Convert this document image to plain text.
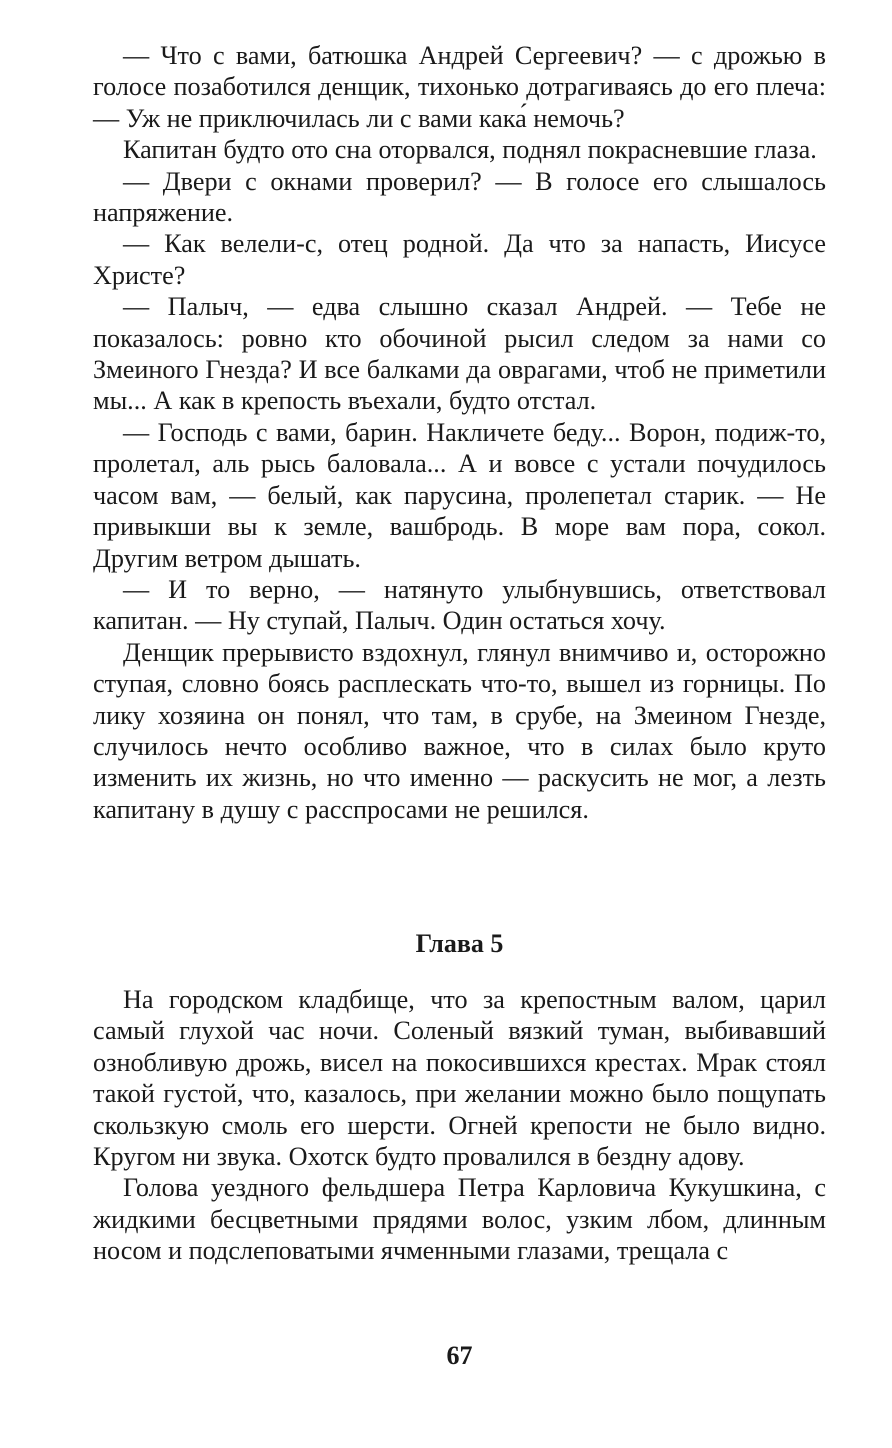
— Что с вами, батюшка Андрей Сергеевич? — с дрожью в голосе позаботился денщик, тихонько дотрагиваясь до его плеча: — Уж не приключилась ли с вами кака́ немочь?

Капитан будто ото сна оторвался, поднял покрасневшие глаза.

— Двери с окнами проверил? — В голосе его слышалось напряжение.

— Как велели-с, отец родной. Да что за напасть, Иисусе Христе?

— Палыч, — едва слышно сказал Андрей. — Тебе не показалось: ровно кто обочиной рысил следом за нами со Змеиного Гнезда? И все балками да оврагами, чтоб не приметили мы... А как в крепость въехали, будто отстал.

— Господь с вами, барин. Накличете беду... Ворон, подиж-то, пролетал, аль рысь баловала... А и вовсе с устали почудилось часом вам, — белый, как парусина, пролепетал старик. — Не привыкши вы к земле, вашбродь. В море вам пора, сокол. Другим ветром дышать.

— И то верно, — натянуто улыбнувшись, ответствовал капитан. — Ну ступай, Палыч. Один остаться хочу.

Денщик прерывисто вздохнул, глянул внимчиво и, осторожно ступая, словно боясь расплескать что-то, вышел из горницы. По лику хозяина он понял, что там, в срубе, на Змеином Гнезде, случилось нечто особливо важное, что в силах было круто изменить их жизнь, но что именно — раскусить не мог, а лезть капитану в душу с расспросами не решился.

Глава 5

На городском кладбище, что за крепостным валом, царил самый глухой час ночи. Соленый вязкий туман, выбивавший ознобливую дрожь, висел на покосившихся крестах. Мрак стоял такой густой, что, казалось, при желании можно было пощупать скользкую смоль его шерсти. Огней крепости не было видно. Кругом ни звука. Охотск будто провалился в бездну адову.

Голова уездного фельдшера Петра Карловича Кукушкина, с жидкими бесцветными прядями волос, узким лбом, длинным носом и подслеповатыми ячменными глазами, трещала с

67
